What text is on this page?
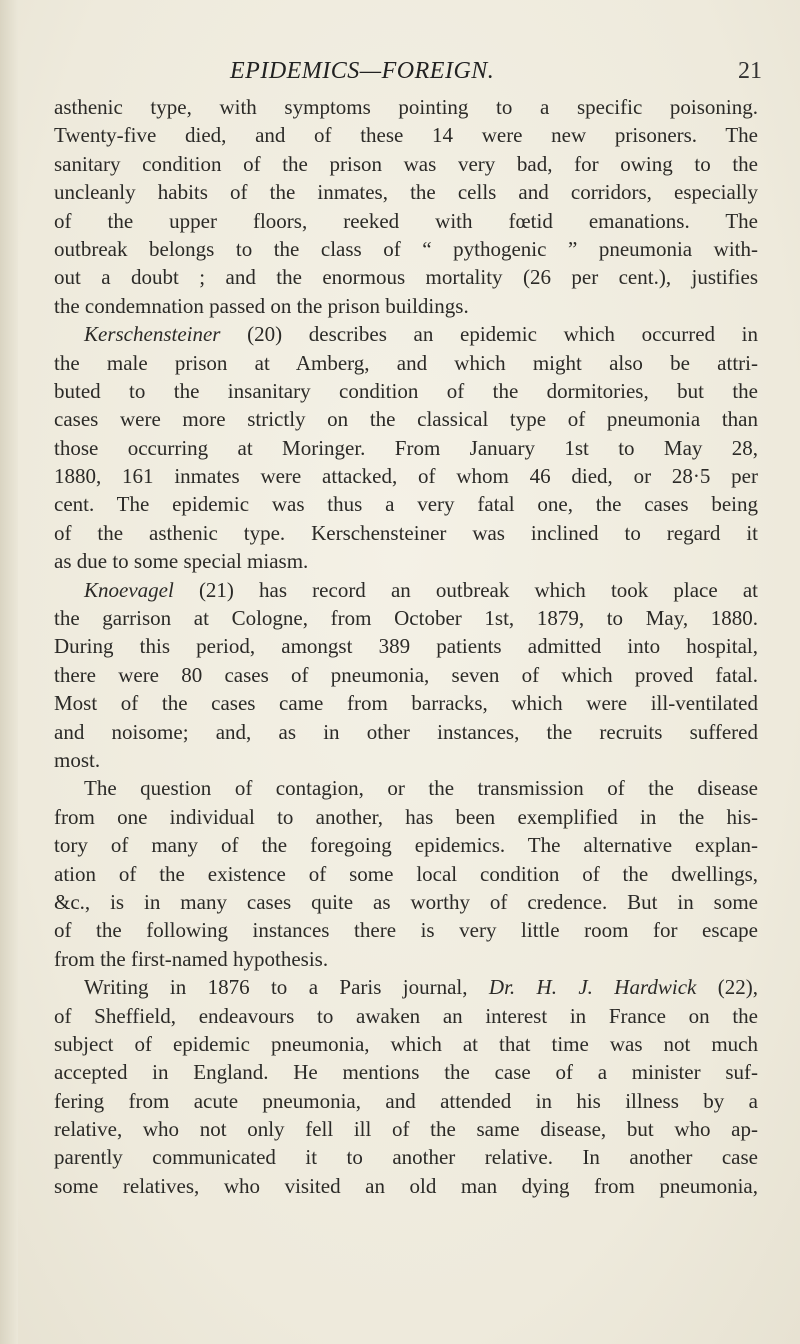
EPIDEMICS—FOREIGN.	21
asthenic type, with symptoms pointing to a specific poisoning.
Twenty-five died, and of these 14 were new prisoners. The
sanitary condition of the prison was very bad, for owing to the
uncleanly habits of the inmates, the cells and corridors, especially
of the upper floors, reeked with fœtid emanations. The
outbreak belongs to the class of “ pythogenic ” pneumonia with-
out a doubt ; and the enormous mortality (26 per cent.), justifies
the condemnation passed on the prison buildings.
Kerschensteiner (20) describes an epidemic which occurred in
the male prison at Amberg, and which might also be attri-
buted to the insanitary condition of the dormitories, but the
cases were more strictly on the classical type of pneumonia than
those occurring at Moringer. From January 1st to May 28,
1880, 161 inmates were attacked, of whom 46 died, or 28·5 per
cent. The epidemic was thus a very fatal one, the cases being
of the asthenic type. Kerschensteiner was inclined to regard it
as due to some special miasm.
Knoevagel (21) has record an outbreak which took place at
the garrison at Cologne, from October 1st, 1879, to May, 1880.
During this period, amongst 389 patients admitted into hospital,
there were 80 cases of pneumonia, seven of which proved fatal.
Most of the cases came from barracks, which were ill-ventilated
and noisome; and, as in other instances, the recruits suffered
most.
The question of contagion, or the transmission of the disease
from one individual to another, has been exemplified in the his-
tory of many of the foregoing epidemics. The alternative explan-
ation of the existence of some local condition of the dwellings,
&c., is in many cases quite as worthy of credence. But in some
of the following instances there is very little room for escape
from the first-named hypothesis.
Writing in 1876 to a Paris journal, Dr. H. J. Hardwick (22),
of Sheffield, endeavours to awaken an interest in France on the
subject of epidemic pneumonia, which at that time was not much
accepted in England. He mentions the case of a minister suf-
fering from acute pneumonia, and attended in his illness by a
relative, who not only fell ill of the same disease, but who ap-
parently communicated it to another relative. In another case
some relatives, who visited an old man dying from pneumonia,
